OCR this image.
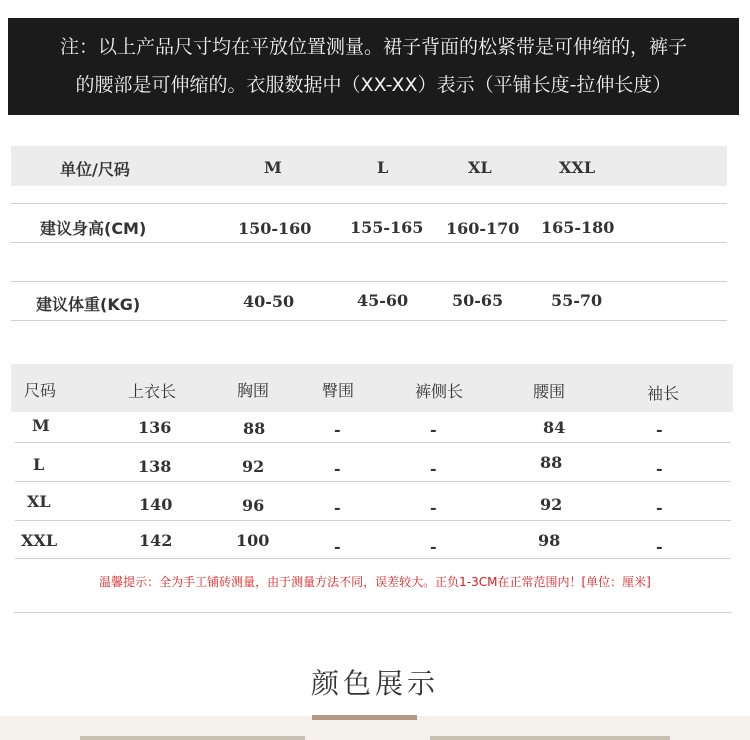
注：以上产品尺寸均在平放位置测量。裙子背面的松紧带是可伸缩的，裤子
的腰部是可伸缩的。衣服数据中（XX-XX）表示（平铺长度-拉伸长度）
单位/尺码	M	L	XL	XXL
建议身高(CM)	150-160 155-165 160-170 165-180
建议体重(KG)	40-50	45-60	50-65	55-70
尺码	上衣长	胸围	臀围	裤侧长	腰围	袖长
M	136	88	-	-	84	-
L	138	92	-	-	88	-
XL	140	96	-	-	92	-
XXL	142	100	-	-	98	-
温馨提示：全为手工铺砖测量，由于测量方法不同，误差较大。正负1-3CM在正常范围内！[单位：厘米]
颜色展示
